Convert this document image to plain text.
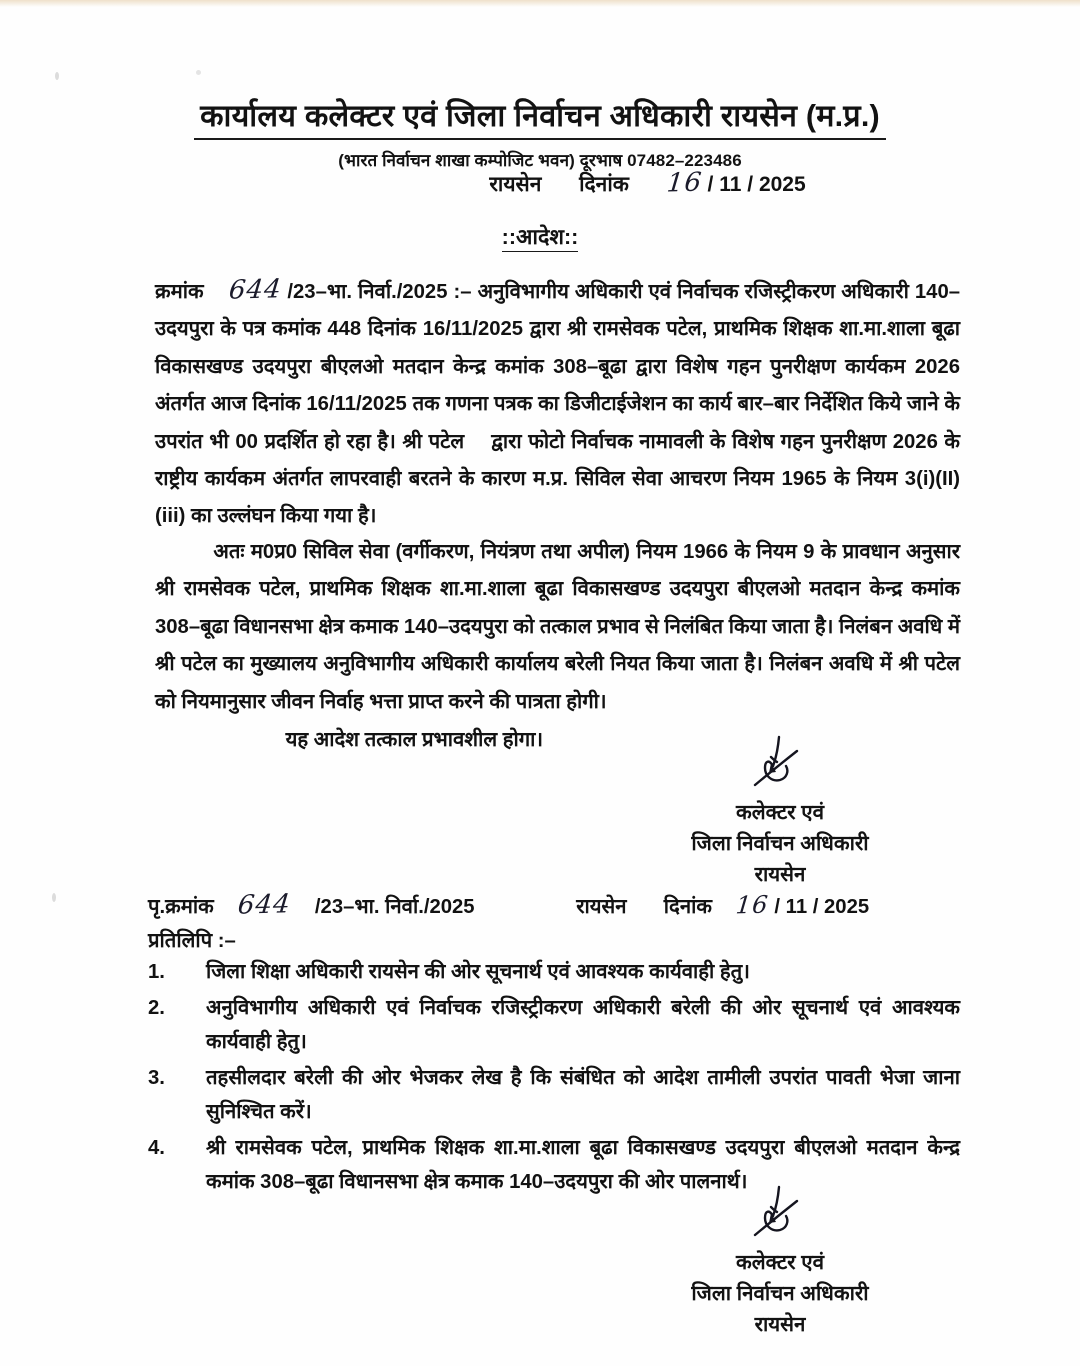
कार्यालय कलेक्टर एवं जिला निर्वाचन अधिकारी रायसेन (म.प्र.)
(भारत निर्वाचन शाखा कम्पोजिट भवन) दूरभाष 07482–223486
रायसेन दिनांक 16 / 11 / 2025
::आदेश::
क्रमांक 644 /23–भा. निर्वा./2025 :– अनुविभागीय अधिकारी एवं निर्वाचक रजिस्ट्रीकरण अधिकारी 140–उदयपुरा के पत्र कमांक 448 दिनांक 16/11/2025 द्वारा श्री रामसेवक पटेल, प्राथमिक शिक्षक शा.मा.शाला बूढा विकासखण्ड उदयपुरा बीएलओ मतदान केन्द्र कमांक 308–बूढा द्वारा विशेष गहन पुनरीक्षण कार्यकम 2026 अंतर्गत आज दिनांक 16/11/2025 तक गणना पत्रक का डिजीटाईजेशन का कार्य बार–बार निर्देशित किये जाने के उपरांत भी 00 प्रदर्शित हो रहा है। श्री पटेल द्वारा फोटो निर्वाचक नामावली के विशेष गहन पुनरीक्षण 2026 के राष्ट्रीय कार्यकम अंतर्गत लापरवाही बरतने के कारण म.प्र. सिविल सेवा आचरण नियम 1965 के नियम 3(i)(II)(iii) का उल्लंघन किया गया है।
अतः म0प्र0 सिविल सेवा (वर्गीकरण, नियंत्रण तथा अपील) नियम 1966 के नियम 9 के प्रावधान अनुसार श्री रामसेवक पटेल, प्राथमिक शिक्षक शा.मा.शाला बूढा विकासखण्ड उदयपुरा बीएलओ मतदान केन्द्र कमांक 308–बूढा विधानसभा क्षेत्र कमाक 140–उदयपुरा को तत्काल प्रभाव से निलंबित किया जाता है। निलंबन अवधि में श्री पटेल का मुख्यालय अनुविभागीय अधिकारी कार्यालय बरेली नियत किया जाता है। निलंबन अवधि में श्री पटेल को नियमानुसार जीवन निर्वाह भत्ता प्राप्त करने की पात्रता होगी।
यह आदेश तत्काल प्रभावशील होगा।
कलेक्टर एवं
जिला निर्वाचन अधिकारी
रायसेन
पृ.क्रमांक 644 /23–भा. निर्वा./2025	रायसेन दिनांक 16 / 11 / 2025
प्रतिलिपि :–
1.	जिला शिक्षा अधिकारी रायसेन की ओर सूचनार्थ एवं आवश्यक कार्यवाही हेतु।
2.	अनुविभागीय अधिकारी एवं निर्वाचक रजिस्ट्रीकरण अधिकारी बरेली की ओर सूचनार्थ एवं आवश्यक कार्यवाही हेतु।
3.	तहसीलदार बरेली की ओर भेजकर लेख है कि संबंधित को आदेश तामीली उपरांत पावती भेजा जाना सुनिश्चित करें।
4.	श्री रामसेवक पटेल, प्राथमिक शिक्षक शा.मा.शाला बूढा विकासखण्ड उदयपुरा बीएलओ मतदान केन्द्र कमांक 308–बूढा विधानसभा क्षेत्र कमाक 140–उदयपुरा की ओर पालनार्थ।
कलेक्टर एवं
जिला निर्वाचन अधिकारी
रायसेन
